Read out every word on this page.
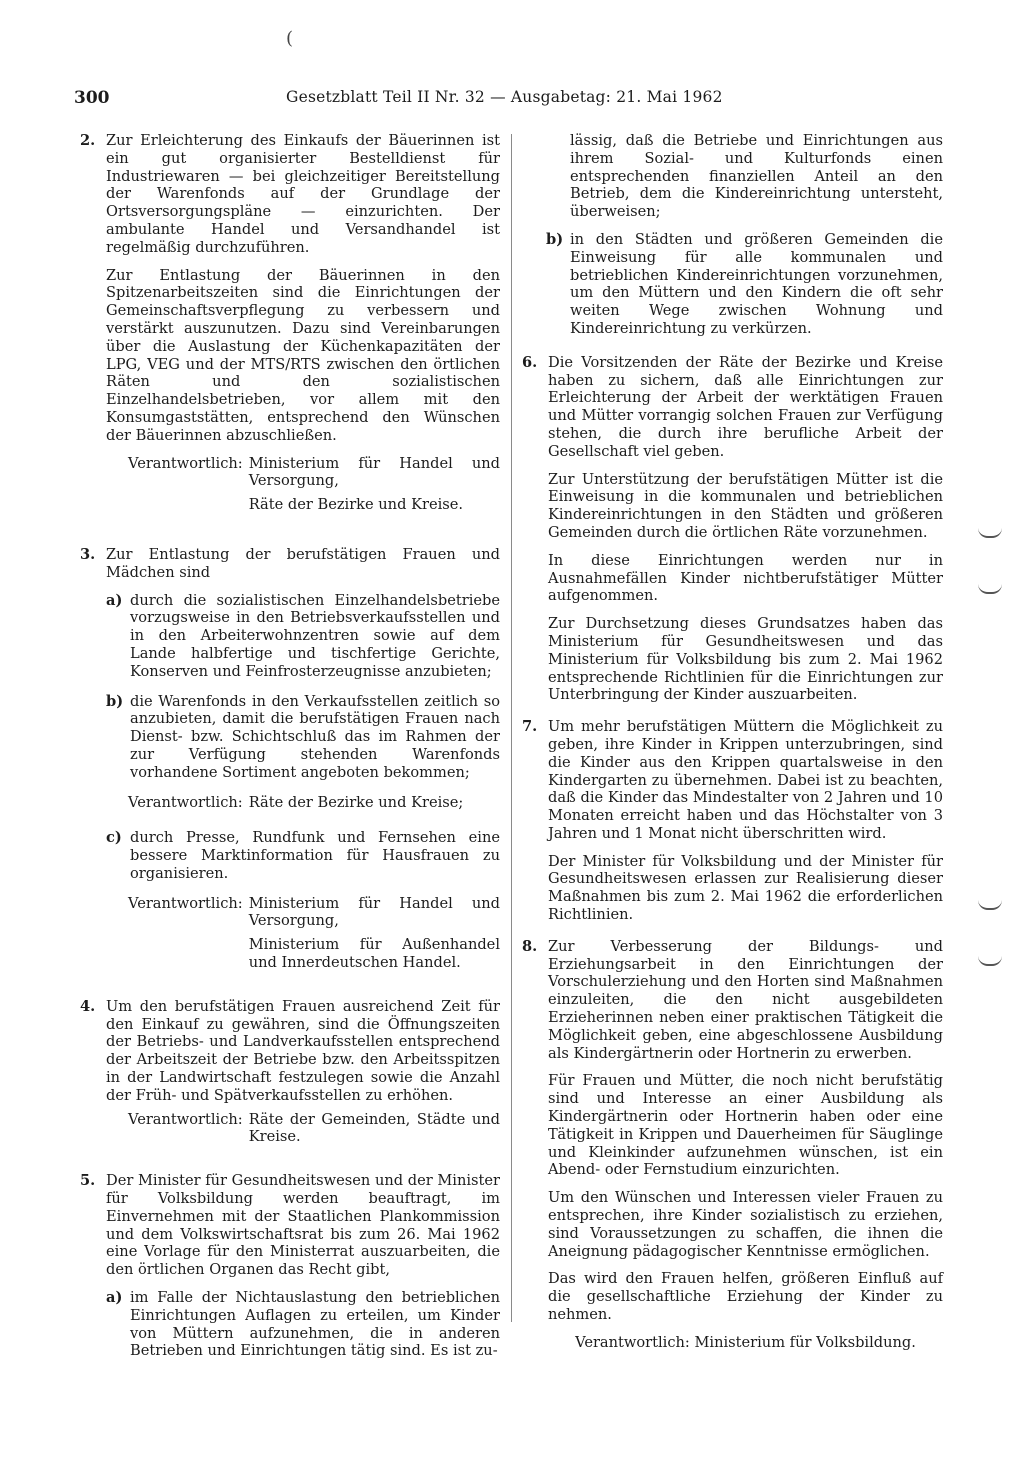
(
300	Gesetzblatt Teil II Nr. 32 — Ausgabetag: 21. Mai 1962
2. Zur Erleichterung des Einkaufs der Bäuerinnen ist ein gut organisierter Bestelldienst für Industriewaren — bei gleichzeitiger Bereitstellung der Warenfonds auf der Grundlage der Ortsversorgungspläne — einzurichten. Der ambulante Handel und Versandhandel ist regelmäßig durchzuführen.

Zur Entlastung der Bäuerinnen in den Spitzenarbeitszeiten sind die Einrichtungen der Gemeinschaftsverpflegung zu verbessern und verstärkt auszunutzen. Dazu sind Vereinbarungen über die Auslastung der Küchenkapazitäten der LPG, VEG und der MTS/RTS zwischen den örtlichen Räten und den sozialistischen Einzelhandelsbetrieben, vor allem mit den Konsumgaststätten, entsprechend den Wünschen der Bäuerinnen abzuschließen.

Verantwortlich: Ministerium für Handel und Versorgung,
Räte der Bezirke und Kreise.
3. Zur Entlastung der berufstätigen Frauen und Mädchen sind

a) durch die sozialistischen Einzelhandelsbetriebe vorzugsweise in den Betriebsverkaufsstellen und in den Arbeiterwohnzentren sowie auf dem Lande halbfertige und tischfertige Gerichte, Konserven und Feinfrosterzeugnisse anzubieten;
b) die Warenfonds in den Verkaufsstellen zeitlich so anzubieten, damit die berufstätigen Frauen nach Dienst- bzw. Schichtschluß das im Rahmen der zur Verfügung stehenden Warenfonds vorhandene Sortiment angeboten bekommen;
Verantwortlich: Räte der Bezirke und Kreise;
c) durch Presse, Rundfunk und Fernsehen eine bessere Marktinformation für Hausfrauen zu organisieren.
Verantwortlich: Ministerium für Handel und Versorgung,
Ministerium für Außenhandel und Innerdeutschen Handel.
4. Um den berufstätigen Frauen ausreichend Zeit für den Einkauf zu gewähren, sind die Öffnungszeiten der Betriebs- und Landverkaufsstellen entsprechend der Arbeitszeit der Betriebe bzw. den Arbeitsspitzen in der Landwirtschaft festzulegen sowie die Anzahl der Früh- und Spätverkaufsstellen zu erhöhen.

Verantwortlich: Räte der Gemeinden, Städte und Kreise.
5. Der Minister für Gesundheitswesen und der Minister für Volksbildung werden beauftragt, im Einvernehmen mit der Staatlichen Plankommission und dem Volkswirtschaftsrat bis zum 26. Mai 1962 eine Vorlage für den Ministerrat auszuarbeiten, die den örtlichen Organen das Recht gibt,

a) im Falle der Nichtauslastung den betrieblichen Einrichtungen Auflagen zu erteilen, um Kinder von Müttern aufzunehmen, die in anderen Betrieben und Einrichtungen tätig sind. Es ist zu-

lässig, daß die Betriebe und Einrichtungen aus ihrem Sozial- und Kulturfonds einen entsprechenden finanziellen Anteil an den Betrieb, dem die Kindereinrichtung untersteht, überweisen;

b) in den Städten und größeren Gemeinden die Einweisung für alle kommunalen und betrieblichen Kindereinrichtungen vorzunehmen, um den Müttern und den Kindern die oft sehr weiten Wege zwischen Wohnung und Kindereinrichtung zu verkürzen.
6. Die Vorsitzenden der Räte der Bezirke und Kreise haben zu sichern, daß alle Einrichtungen zur Erleichterung der Arbeit der werktätigen Frauen und Mütter vorrangig solchen Frauen zur Verfügung stehen, die durch ihre berufliche Arbeit der Gesellschaft viel geben.

Zur Unterstützung der berufstätigen Mütter ist die Einweisung in die kommunalen und betrieblichen Kindereinrichtungen in den Städten und größeren Gemeinden durch die örtlichen Räte vorzunehmen.

In diese Einrichtungen werden nur in Ausnahmefällen Kinder nichtberufstätiger Mütter aufgenommen.

Zur Durchsetzung dieses Grundsatzes haben das Ministerium für Gesundheitswesen und das Ministerium für Volksbildung bis zum 2. Mai 1962 entsprechende Richtlinien für die Einrichtungen zur Unterbringung der Kinder auszuarbeiten.

7. Um mehr berufstätigen Müttern die Möglichkeit zu geben, ihre Kinder in Krippen unterzubringen, sind die Kinder aus den Krippen quartalsweise in den Kindergarten zu übernehmen. Dabei ist zu beachten, daß die Kinder das Mindestalter von 2 Jahren und 10 Monaten erreicht haben und das Höchstalter von 3 Jahren und 1 Monat nicht überschritten wird.

Der Minister für Volksbildung und der Minister für Gesundheitswesen erlassen zur Realisierung dieser Maßnahmen bis zum 2. Mai 1962 die erforderlichen Richtlinien.

8. Zur Verbesserung der Bildungs- und Erziehungsarbeit in den Einrichtungen der Vorschulerziehung und den Horten sind Maßnahmen einzuleiten, die den nicht ausgebildeten Erzieherinnen neben einer praktischen Tätigkeit die Möglichkeit geben, eine abgeschlossene Ausbildung als Kindergärtnerin oder Hortnerin zu erwerben.

Für Frauen und Mütter, die noch nicht berufstätig sind und Interesse an einer Ausbildung als Kindergärtnerin oder Hortnerin haben oder eine Tätigkeit in Krippen und Dauerheimen für Säuglinge und Kleinkinder aufzunehmen wünschen, ist ein Abend- oder Fernstudium einzurichten.

Um den Wünschen und Interessen vieler Frauen zu entsprechen, ihre Kinder sozialistisch zu erziehen, sind Voraussetzungen zu schaffen, die ihnen die Aneignung pädagogischer Kenntnisse ermöglichen.

Das wird den Frauen helfen, größeren Einfluß auf die gesellschaftliche Erziehung der Kinder zu nehmen.

Verantwortlich: Ministerium für Volksbildung.
